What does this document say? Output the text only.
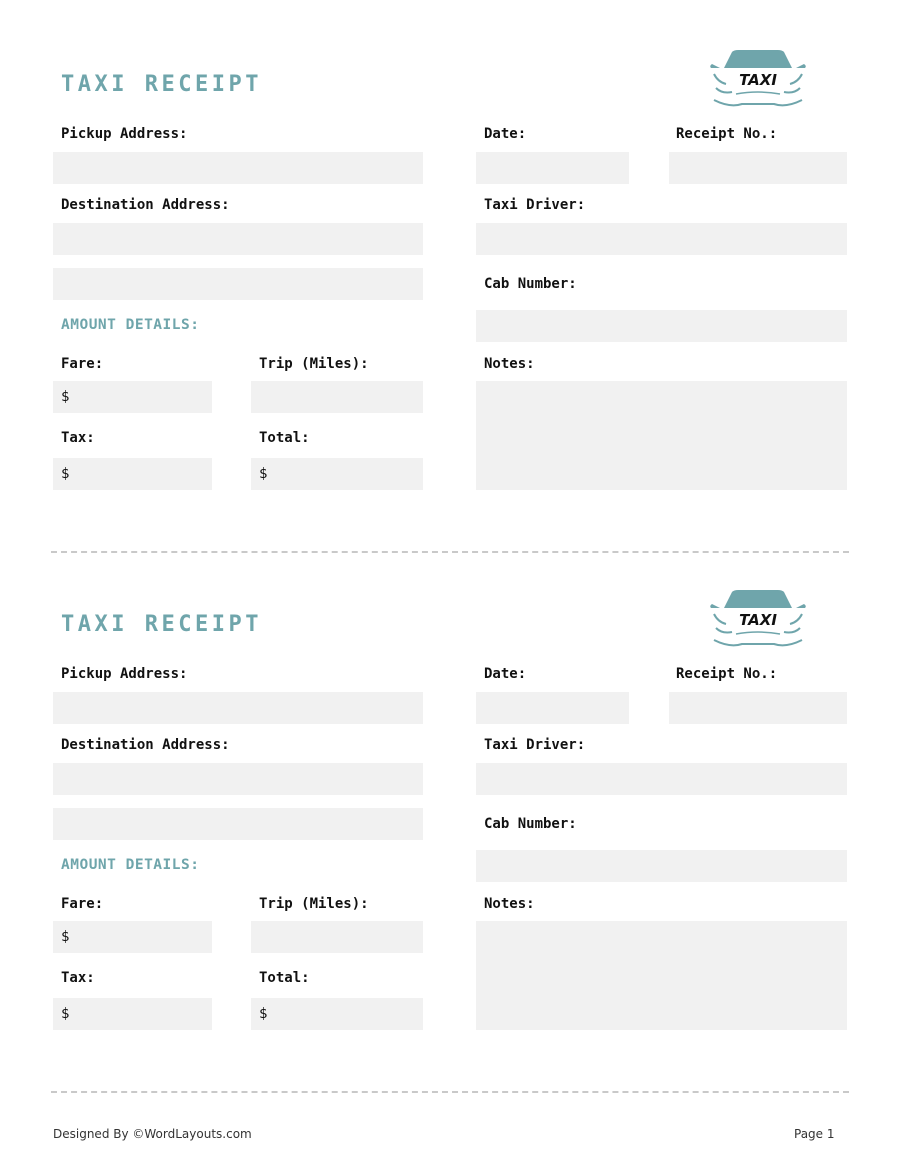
TAXI RECEIPT	TAXI
Pickup Address:	Date:	Receipt No.:
Destination Address:	Taxi Driver:
Cab Number:
AMOUNT DETAILS:
Fare:
$
Trip (Miles):	Notes:
Tax:
$
Total:
$
TAXI RECEIPT	TAXI
Pickup Address:	Date:	Receipt No.:
Destination Address:	Taxi Driver:
Cab Number:
AMOUNT DETAILS:
Fare:
$
Trip (Miles):	Notes:
Tax:
$
Total:
$
Designed By ©WordLayouts.com	Page 1
